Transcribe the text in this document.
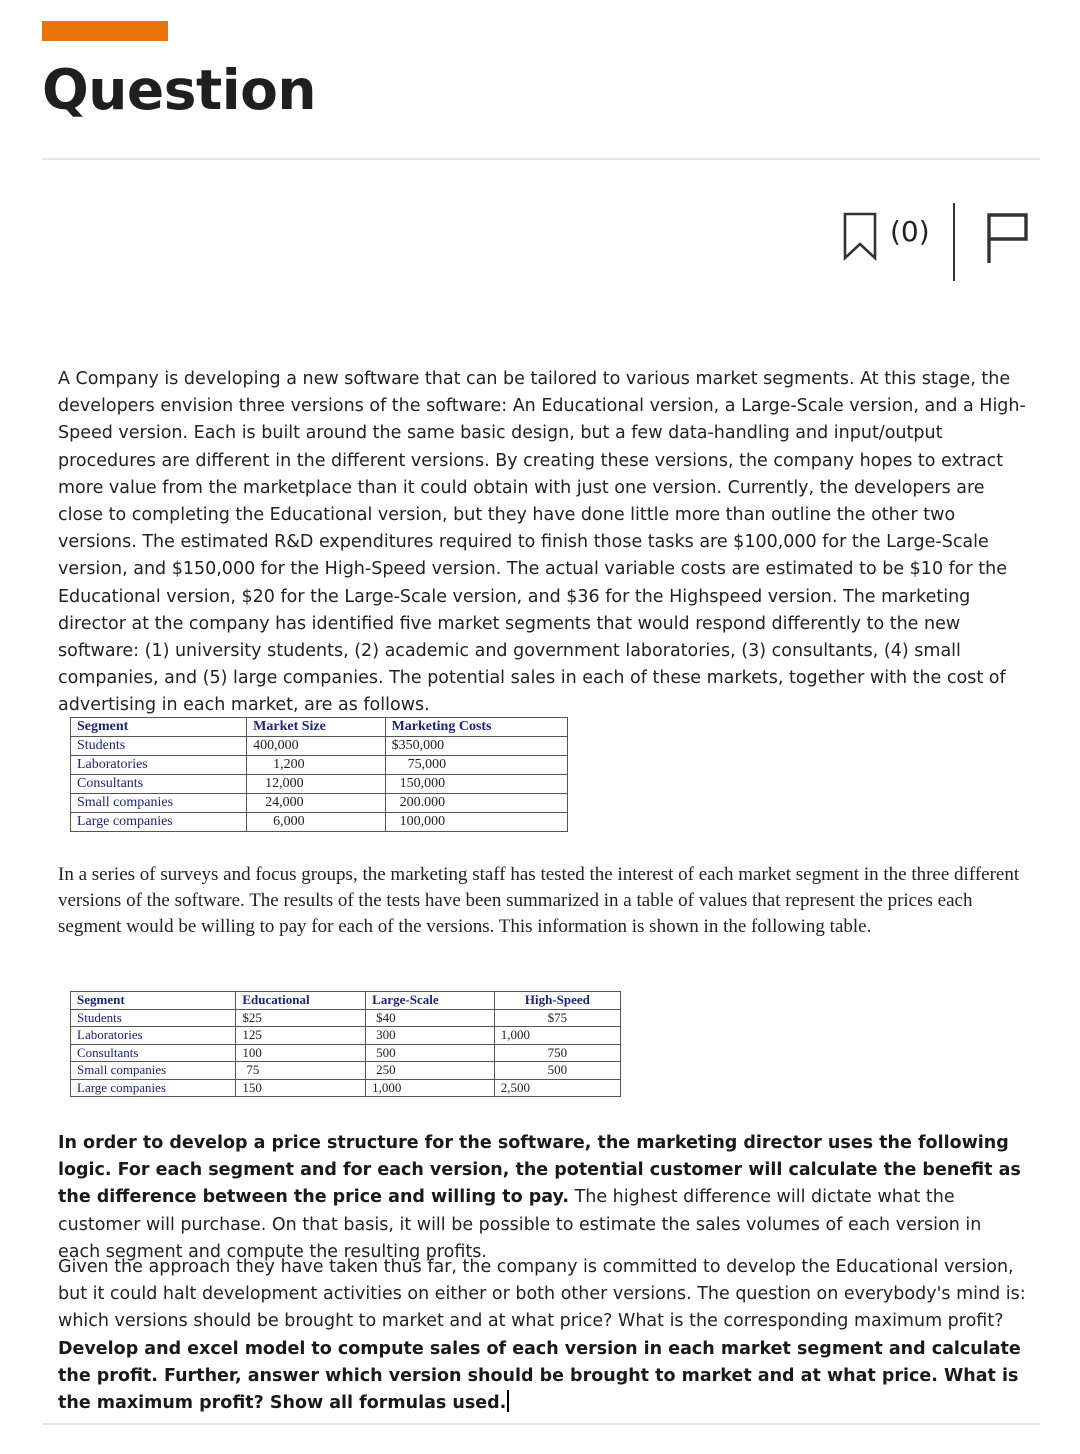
Question
(0)

A Company is developing a new software that can be tailored to various market segments. At this stage, the developers envision three versions of the software: An Educational version, a Large-Scale version, and a High-Speed version. Each is built around the same basic design, but a few data-handling and input/output procedures are different in the different versions. By creating these versions, the company hopes to extract more value from the marketplace than it could obtain with just one version. Currently, the developers are close to completing the Educational version, but they have done little more than outline the other two versions. The estimated R&D expenditures required to finish those tasks are $100,000 for the Large-Scale version, and $150,000 for the High-Speed version. The actual variable costs are estimated to be $10 for the Educational version, $20 for the Large-Scale version, and $36 for the Highspeed version. The marketing director at the company has identified five market segments that would respond differently to the new software: (1) university students, (2) academic and government laboratories, (3) consultants, (4) small companies, and (5) large companies. The potential sales in each of these markets, together with the cost of advertising in each market, are as follows.

Segment	Market Size	Marketing Costs
Students	400,000	$350,000
Laboratories	1,200	75,000
Consultants	12,000	150,000
Small companies	24,000	200.000
Large companies	6,000	100,000

In a series of surveys and focus groups, the marketing staff has tested the interest of each market segment in the three different versions of the software. The results of the tests have been summarized in a table of values that represent the prices each segment would be willing to pay for each of the versions. This information is shown in the following table.

Segment	Educational	Large-Scale	High-Speed
Students	$25	$40	$75
Laboratories	125	300	1,000
Consultants	100	500	750
Small companies	75	250	500
Large companies	150	1,000	2,500

In order to develop a price structure for the software, the marketing director uses the following logic. For each segment and for each version, the potential customer will calculate the benefit as the difference between the price and willing to pay. The highest difference will dictate what the customer will purchase. On that basis, it will be possible to estimate the sales volumes of each version in each segment and compute the resulting profits.

Given the approach they have taken thus far, the company is committed to develop the Educational version, but it could halt development activities on either or both other versions. The question on everybody's mind is: which versions should be brought to market and at what price? What is the corresponding maximum profit? Develop and excel model to compute sales of each version in each market segment and calculate the profit. Further, answer which version should be brought to market and at what price. What is the maximum profit? Show all formulas used.
